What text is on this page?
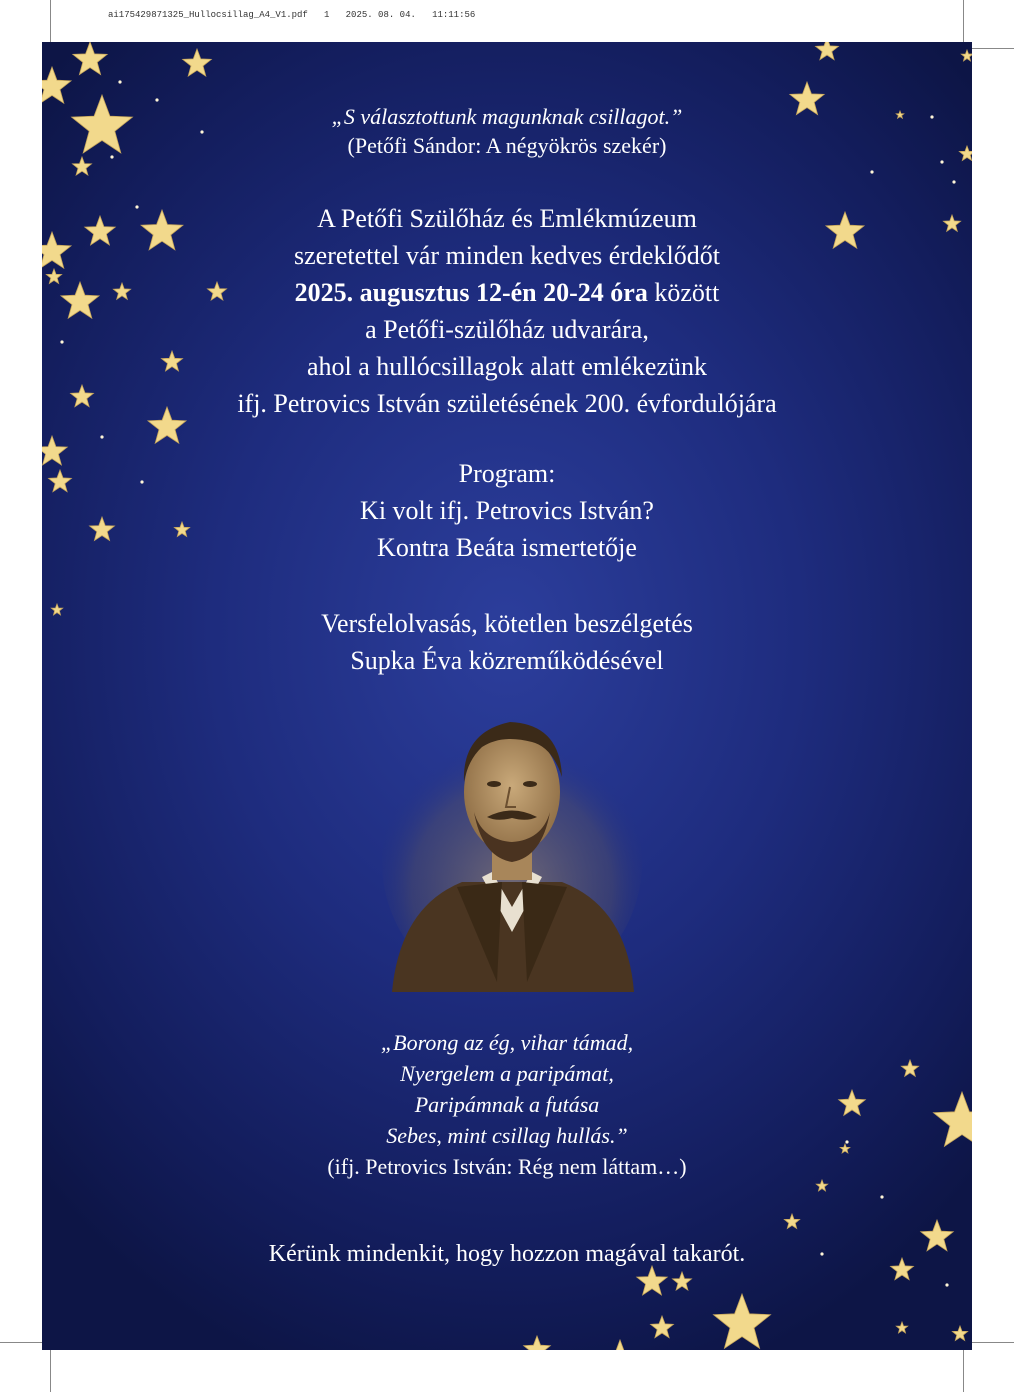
ai175429871325_Hullocsillag_A4_V1.pdf 1 2025. 08. 04. 11:11:56
„S választottunk magunknak csillagot.”
(Petőfi Sándor: A négyökrös szekér)
A Petőfi Szülőház és Emlékmúzeum
szeretettel vár minden kedves érdeklődőt
2025. augusztus 12-én 20-24 óra között
a Petőfi-szülőház udvarára,
ahol a hullócsillagok alatt emlékezünk
ifj. Petrovics István születésének 200. évfordulójára
Program:
Ki volt ifj. Petrovics István?
Kontra Beáta ismertetője
Versfelolvasás, kötetlen beszélgetés
Supka Éva közreműködésével
„Borong az ég, vihar támad,
Nyergelem a paripámat,
Paripámnak a futása
Sebes, mint csillag hullás.”
(ifj. Petrovics István: Rég nem láttam…)
Kérünk mindenkit, hogy hozzon magával takarót.
